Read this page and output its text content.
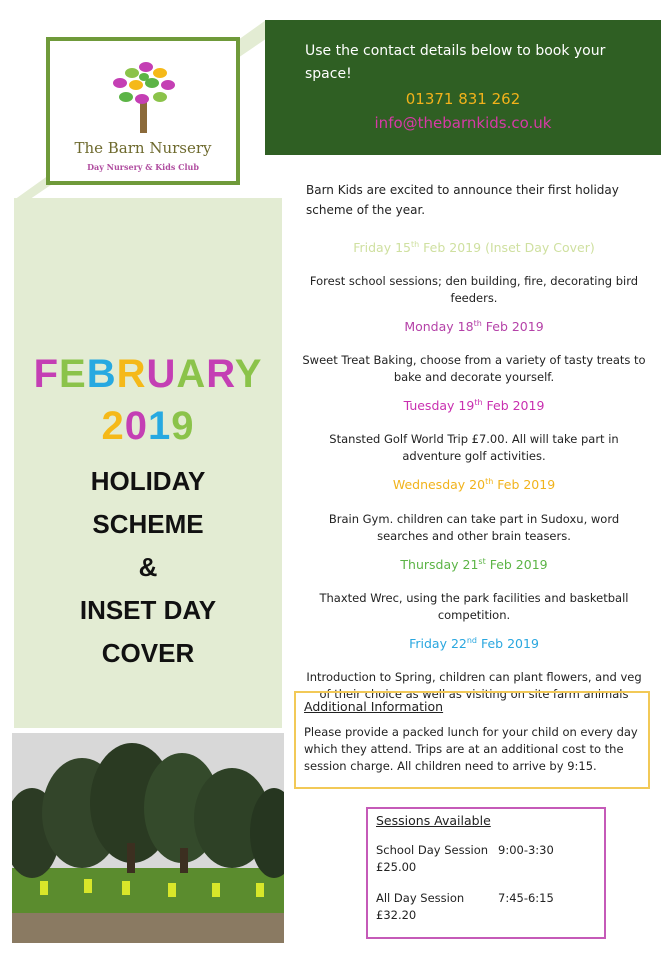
The Barn Nursery
Day Nursery & Kids Club
Use the contact details below to book your space!
01371 831 262
info@thebarnkids.co.uk
FEBRUARY
2019
HOLIDAY
SCHEME
&
INSET DAY
COVER
Barn Kids are excited to announce their first holiday scheme of the year.
Friday 15th Feb 2019 (Inset Day Cover)
Forest school sessions; den building, fire, decorating bird feeders.
Monday 18th Feb 2019
Sweet Treat Baking, choose from a variety of tasty treats to bake and decorate yourself.
Tuesday 19th Feb 2019
Stansted Golf World Trip £7.00. All will take part in adventure golf activities.
Wednesday 20th Feb 2019
Brain Gym. children can take part in Sudoxu, word searches and other brain teasers.
Thursday 21st Feb 2019
Thaxted Wrec, using the park facilities and basketball competition.
Friday 22nd Feb 2019
Introduction to Spring, children can plant flowers, and veg of their choice as well as visiting on site farm animals
Additional Information
Please provide a packed lunch for your child on every day which they attend. Trips are at an additional cost to the session charge. All children need to arrive by 9:15.
Sessions Available
School Day Session 9:00-3:30
£25.00
All Day Session	7:45-6:15
£32.20
